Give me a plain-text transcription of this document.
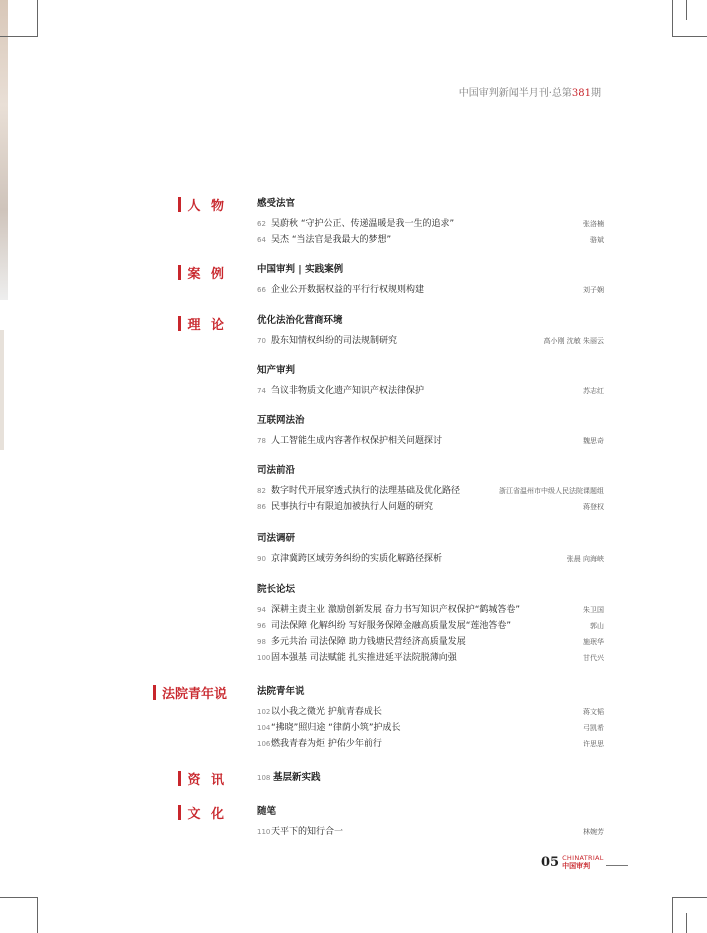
中国审判新闻半月刊·总第381期
人 物	感受法官
62 吴蔚秋 “守护公正、传递温暖是我一生的追求”	张洛楠
64 吴杰 “当法官是我最大的梦想”	骆斌
案 例	中国审判 | 实践案例
66 企业公开数据权益的平行行权规则构建	刘子娴
理 论	优化法治化营商环境
70 股东知情权纠纷的司法规制研究	高小刚 沈敏 朱丽云
知产审判
74 刍议非物质文化遗产知识产权法律保护	苏志红
互联网法治
78 人工智能生成内容著作权保护相关问题探讨	魏思奇
司法前沿
82 数字时代开展穿透式执行的法理基础及优化路径	浙江省温州市中级人民法院课题组
86 民事执行中有限追加被执行人问题的研究	蒋登权
司法调研
90 京津冀跨区域劳务纠纷的实质化解路径探析	张晨 向海峡
院长论坛
94 深耕主责主业 激励创新发展 奋力书写知识产权保护“鹤城答卷”	朱卫国
96 司法保障 化解纠纷 写好服务保障金融高质量发展“莲池答卷”	郭山
98 多元共治 司法保障 助力钱塘民营经济高质量发展	施珉华
100固本强基 司法赋能 扎实推进延平法院脱薄向强	甘代兴
法院青年说	法院青年说
102以小我之微光 护航青春成长	蒋文韬
104“拂晓”照归途 “律荫小筑”护成长	弓凯希
106燃我青春为炬 护佑少年前行	许思思
资 讯	108 基层新实践
文 化	随笔
110天平下的知行合一	林婉芳
05 CHINATRIAL
中国审判
